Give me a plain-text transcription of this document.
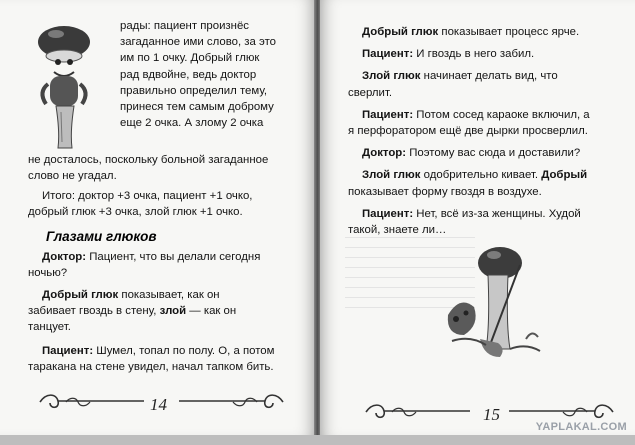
рады: пациент произнёс
загаданное ими слово, за это
им по 1 очку. Добрый глюк
рад вдвойне, ведь доктор
правильно определил тему,
принеся тем самым доброму
еще 2 очка. А злому 2 очка
не досталось, поскольку больной загаданное
слово не угадал.
Итого: доктор +3 очка, пациент +1 очко,
добрый глюк +3 очка, злой глюк +1 очко.
Глазами глюков
Доктор: Пациент, что вы делали сегодня
ночью?
Добрый глюк показывает, как он
забивает гвоздь в стену, злой — как он
танцует.
Пациент: Шумел, топал по полу. О, а потом
таракана на стене увидел, начал тапком бить.
14
Добрый глюк показывает процесс ярче.
Пациент: И гвоздь в него забил.
Злой глюк начинает делать вид, что
сверлит.
Пациент: Потом сосед караоке включил, а
я перфоратором ещё две дырки просверлил.
Доктор: Поэтому вас сюда и доставили?
Злой глюк одобрительно кивает. Добрый
показывает форму гвоздя в воздухе.
Пациент: Нет, всё из-за женщины. Худой
такой, знаете ли…
15
YAPLAKAL.COM
